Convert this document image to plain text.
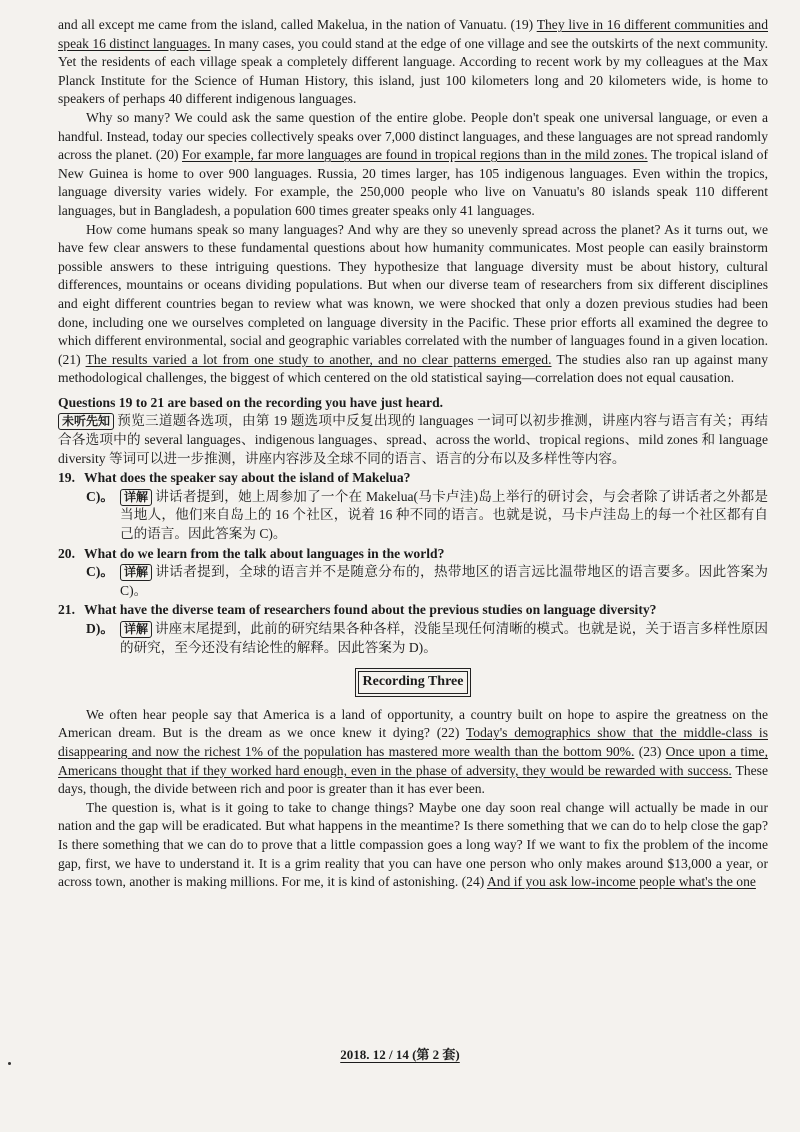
and all except me came from the island, called Makelua, in the nation of Vanuatu. (19) They live in 16 different communities and speak 16 distinct languages. In many cases, you could stand at the edge of one village and see the outskirts of the next community. Yet the residents of each village speak a completely different language. According to recent work by my colleagues at the Max Planck Institute for the Science of Human History, this island, just 100 kilometers long and 20 kilometers wide, is home to speakers of perhaps 40 different indigenous languages.

Why so many? We could ask the same question of the entire globe. People don't speak one universal language, or even a handful. Instead, today our species collectively speaks over 7,000 distinct languages, and these languages are not spread randomly across the planet. (20) For example, far more languages are found in tropical regions than in the mild zones. The tropical island of New Guinea is home to over 900 languages. Russia, 20 times larger, has 105 indigenous languages. Even within the tropics, language diversity varies widely. For example, the 250,000 people who live on Vanuatu's 80 islands speak 110 different languages, but in Bangladesh, a population 600 times greater speaks only 41 languages.

How come humans speak so many languages? And why are they so unevenly spread across the planet? As it turns out, we have few clear answers to these fundamental questions about how humanity communicates. Most people can easily brainstorm possible answers to these intriguing questions. They hypothesize that language diversity must be about history, cultural differences, mountains or oceans dividing populations. But when our diverse team of researchers from six different disciplines and eight different countries began to review what was known, we were shocked that only a dozen previous studies had been done, including one we ourselves completed on language diversity in the Pacific. These prior efforts all examined the degree to which different environmental, social and geographic variables correlated with the number of languages found in a given location. (21) The results varied a lot from one study to another, and no clear patterns emerged. The studies also ran up against many methodological challenges, the biggest of which centered on the old statistical saying—correlation does not equal causation.

Questions 19 to 21 are based on the recording you have just heard.

未听先知 预览三道题各选项，由第 19 题选项中反复出现的 languages 一词可以初步推测，讲座内容与语言有关；再结合各选项中的 several languages、indigenous languages、spread、across the world、tropical regions、mild zones 和 language diversity 等词可以进一步推测，讲座内容涉及全球不同的语言、语言的分布以及多样性等内容。

19. What does the speaker say about the island of Makelua?
C)。 详解 讲话者提到，她上周参加了一个在 Makelua(马卡卢洼)岛上举行的研讨会，与会者除了讲话者之外都是当地人，他们来自岛上的 16 个社区，说着 16 种不同的语言。也就是说，马卡卢洼岛上的每一个社区都有自己的语言。因此答案为 C)。
20. What do we learn from the talk about languages in the world?
C)。 详解 讲话者提到，全球的语言并不是随意分布的，热带地区的语言远比温带地区的语言要多。因此答案为 C)。
21. What have the diverse team of researchers found about the previous studies on language diversity?
D)。 详解 讲座末尾提到，此前的研究结果各种各样，没能呈现任何清晰的模式。也就是说，关于语言多样性原因的研究，至今还没有结论性的解释。因此答案为 D)。
Recording Three

We often hear people say that America is a land of opportunity, a country built on hope to aspire the greatness on the American dream. But is the dream as we once knew it dying? (22) Today's demographics show that the middle-class is disappearing and now the richest 1% of the population has mastered more wealth than the bottom 90%. (23) Once upon a time, Americans thought that if they worked hard enough, even in the phase of adversity, they would be rewarded with success. These days, though, the divide between rich and poor is greater than it has ever been.

The question is, what is it going to take to change things? Maybe one day soon real change will actually be made in our nation and the gap will be eradicated. But what happens in the meantime? Is there something that we can do to help close the gap? Is there something that we can do to prove that a little compassion goes a long way? If we want to fix the problem of the income gap, first, we have to understand it. It is a grim reality that you can have one person who only makes around $13,000 a year, or across town, another is making millions. For me, it is kind of astonishing. (24) And if you ask low-income people what's the one

2018. 12 / 14 (第 2 套)
